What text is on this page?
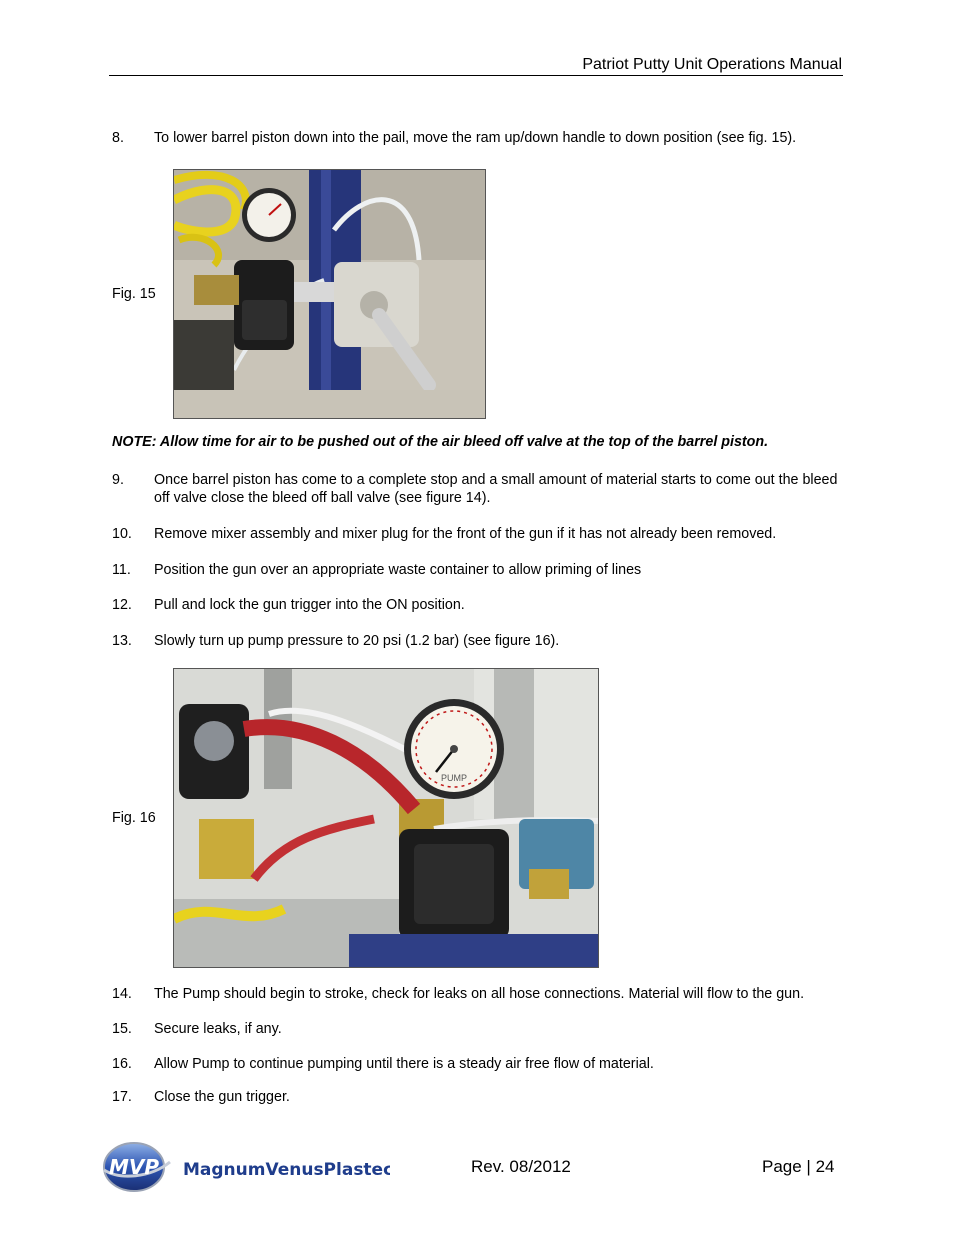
Patriot Putty Unit Operations Manual
8.	To lower barrel piston down into the pail, move the ram up/down handle to down position (see fig. 15).
Fig. 15
NOTE: Allow time for air to be pushed out of the air bleed off valve at the top of the barrel piston.
9.	Once barrel piston has come to a complete stop and a small amount of material starts to come out the bleed off valve close the bleed off ball valve (see figure 14).
10.	Remove mixer assembly and mixer plug for the front of the gun if it has not already been removed.
11.	Position the gun over an appropriate waste container to allow priming of lines
12.	Pull and lock the gun trigger into the ON position.
13.	Slowly turn up pump pressure to 20 psi (1.2 bar) (see figure 16).
Fig. 16
PUMP
14.	The Pump should begin to stroke, check for leaks on all hose connections. Material will flow to the gun.
15.	Secure leaks, if any.
16.	Allow Pump to continue pumping until there is a steady air free flow of material.
17.	Close the gun trigger.
MVP MagnumVenusPlastech	Rev. 08/2012	Page | 24
